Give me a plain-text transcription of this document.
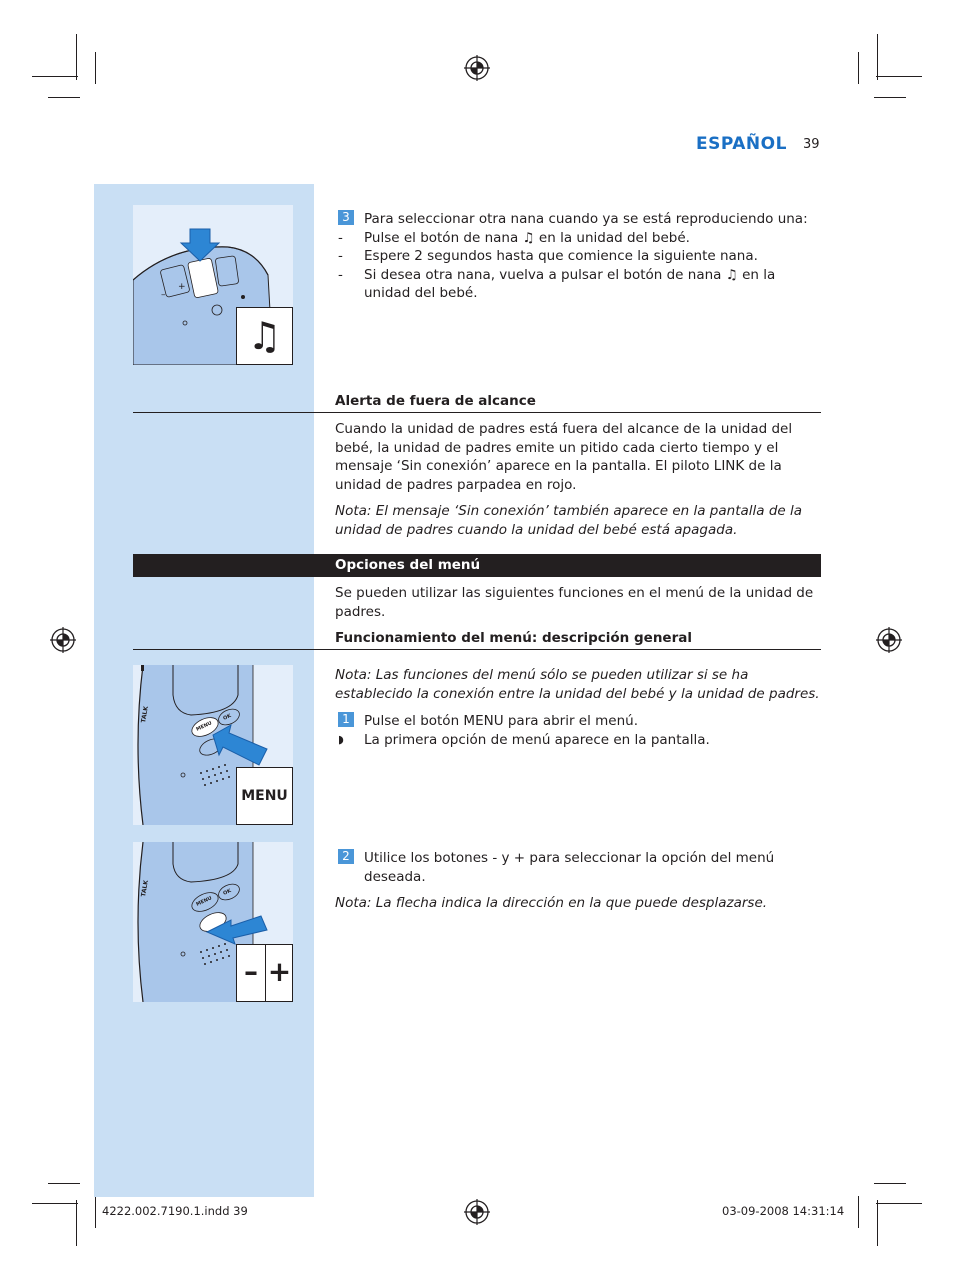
ESPAÑOL 39
–
+
♫
3	Para seleccionar otra nana cuando ya se está reproduciendo una:
- Pulse el botón de nana ♫ en la unidad del bebé.
- Espere 2 segundos hasta que comience la siguiente nana.
- Si desea otra nana, vuelva a pulsar el botón de nana ♫ en la unidad del bebé.
Alerta de fuera de alcance
Cuando la unidad de padres está fuera del alcance de la unidad del bebé, la unidad de padres emite un pitido cada cierto tiempo y el mensaje ‘Sin conexión’ aparece en la pantalla. El piloto LINK de la unidad de padres parpadea en rojo.
Nota: El mensaje ‘Sin conexión’ también aparece en la pantalla de la unidad de padres cuando la unidad del bebé está apagada.
Opciones del menú
Se pueden utilizar las siguientes funciones en el menú de la unidad de padres.
Funcionamiento del menú: descripción general
TALK
MENU
OK
MENU
Nota: Las funciones del menú sólo se pueden utilizar si se ha establecido la conexión entre la unidad del bebé y la unidad de padres.
1	Pulse el botón MENU para abrir el menú.
◗ La primera opción de menú aparece en la pantalla.
TALK
MENU
OK
– +
2	Utilice los botones - y + para seleccionar la opción del menú deseada.
Nota: La flecha indica la dirección en la que puede desplazarse.
4222.002.7190.1.indd 39	03-09-2008 14:31:14
